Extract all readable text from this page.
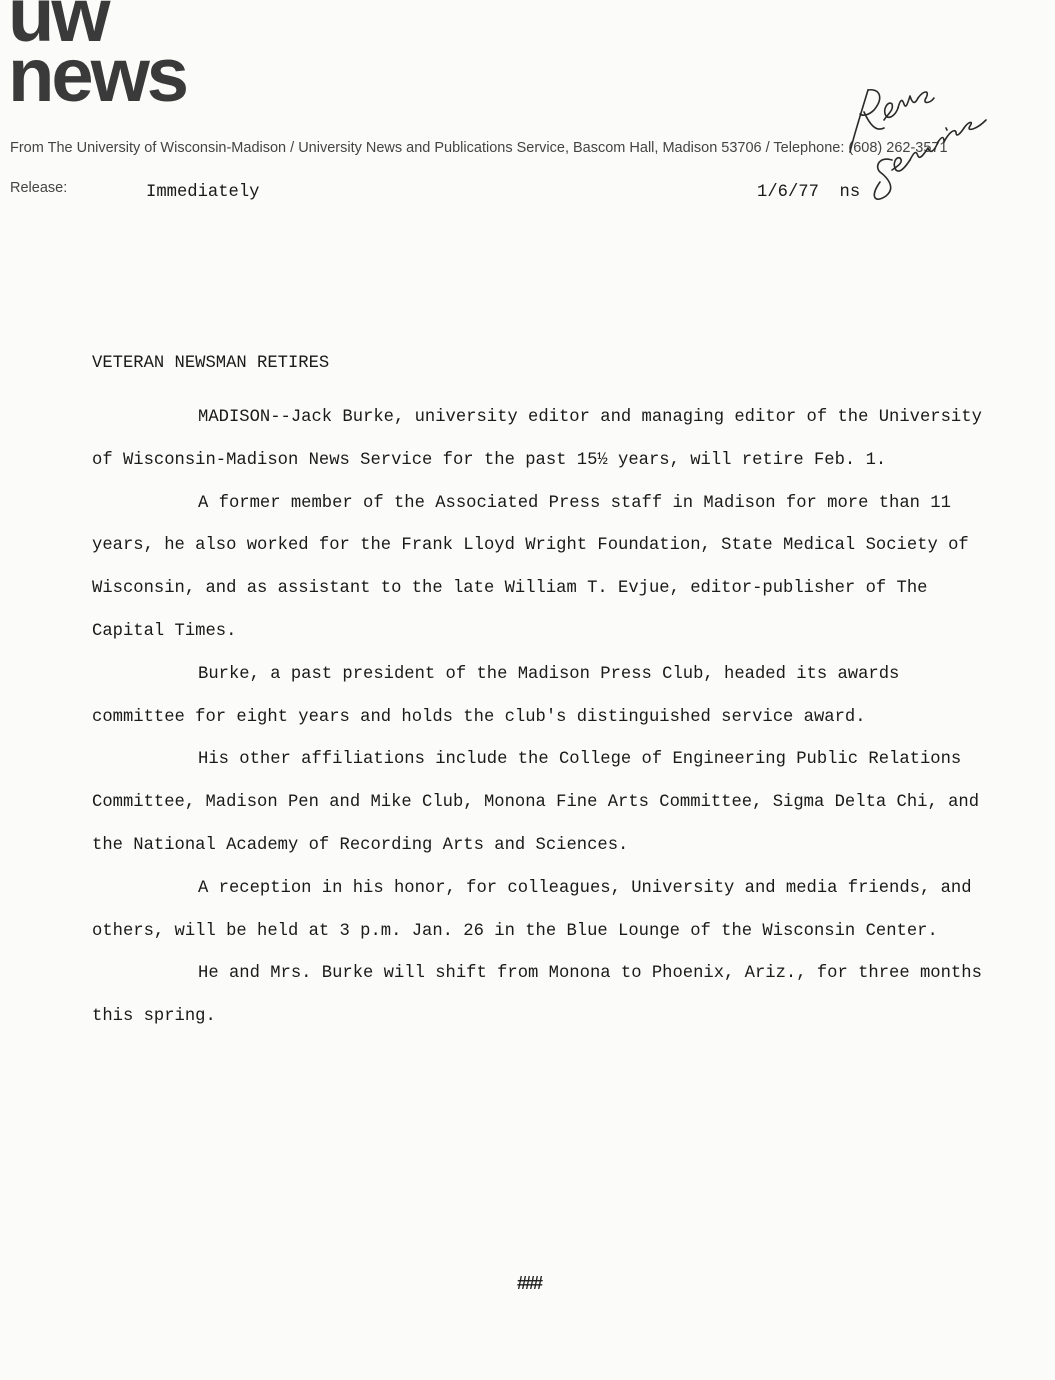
uw
news
From The University of Wisconsin-Madison / University News and Publications Service, Bascom Hall, Madison 53706 / Telephone: (608) 262-3571
Release:	Immediately	1/6/77  ns
VETERAN NEWSMAN RETIRES

MADISON--Jack Burke, university editor and managing editor of the University of Wisconsin-Madison News Service for the past 15½ years, will retire Feb. 1.

A former member of the Associated Press staff in Madison for more than 11 years, he also worked for the Frank Lloyd Wright Foundation, State Medical Society of Wisconsin, and as assistant to the late William T. Evjue, editor-publisher of The Capital Times.

Burke, a past president of the Madison Press Club, headed its awards committee for eight years and holds the club's distinguished service award.

His other affiliations include the College of Engineering Public Relations Committee, Madison Pen and Mike Club, Monona Fine Arts Committee, Sigma Delta Chi, and the National Academy of Recording Arts and Sciences.

A reception in his honor, for colleagues, University and media friends, and others, will be held at 3 p.m. Jan. 26 in the Blue Lounge of the Wisconsin Center.

He and Mrs. Burke will shift from Monona to Phoenix, Ariz., for three months this spring.

###
